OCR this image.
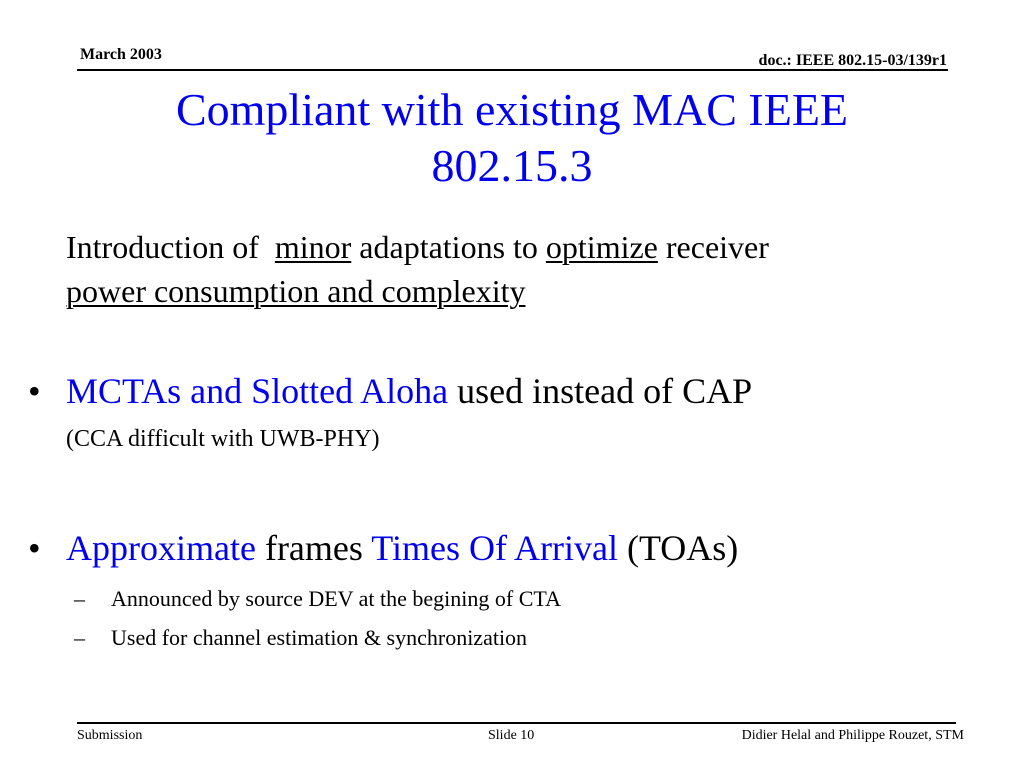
March 2003	doc.: IEEE 802.15-03/139r1
Compliant with existing MAC IEEE
802.15.3
Introduction of minor adaptations to optimize receiver
power consumption and complexity
• MCTAs and Slotted Aloha used instead of CAP
(CCA difficult with UWB-PHY)
• Approximate frames Times Of Arrival (TOAs)
– Announced by source DEV at the begining of CTA
– Used for channel estimation & synchronization
Submission	Slide 10	Didier Helal and Philippe Rouzet, STM
